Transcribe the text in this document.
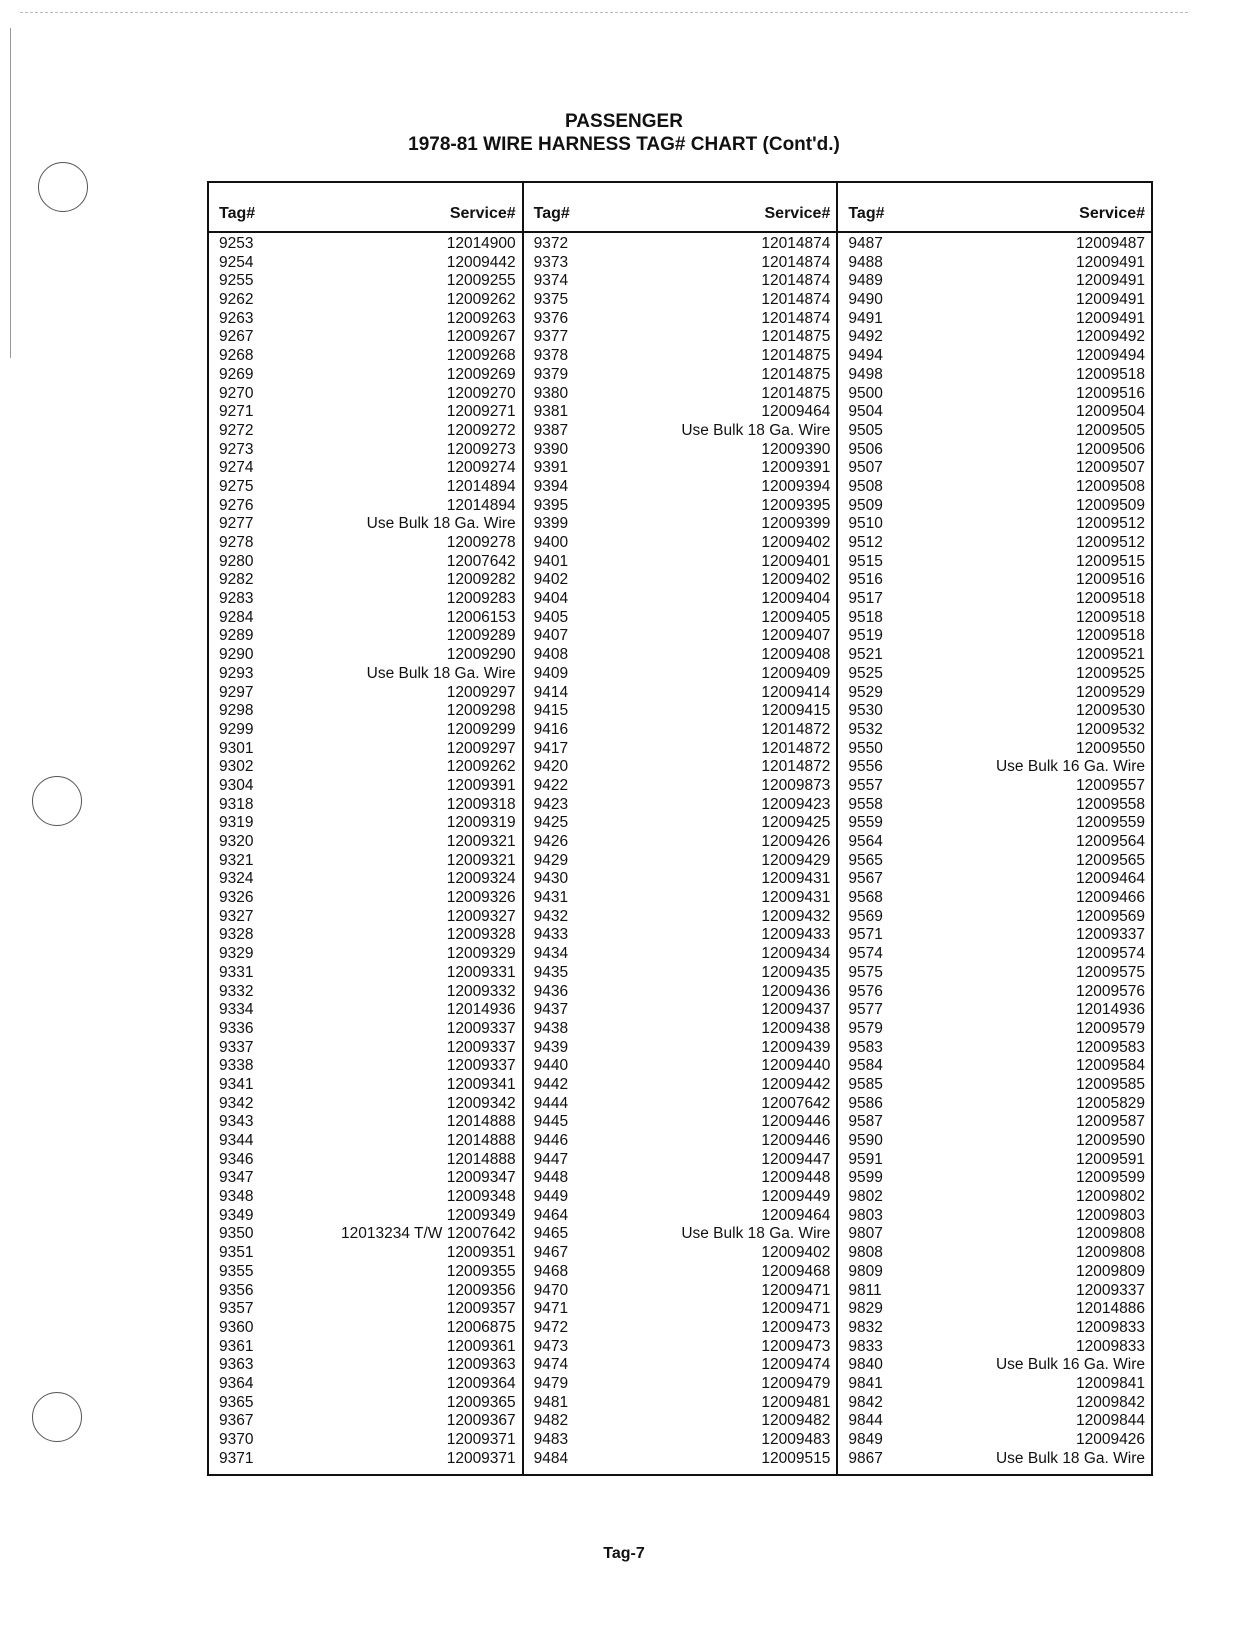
PASSENGER
1978-81 WIRE HARNESS TAG# CHART (Cont'd.)
Tag#	Service#
9253	12014900
9254	12009442
9255	12009255
9262	12009262
9263	12009263
9267	12009267
9268	12009268
9269	12009269
9270	12009270
9271	12009271
9272	12009272
9273	12009273
9274	12009274
9275	12014894
9276	12014894
9277	Use Bulk 18 Ga. Wire
9278	12009278
9280	12007642
9282	12009282
9283	12009283
9284	12006153
9289	12009289
9290	12009290
9293	Use Bulk 18 Ga. Wire
9297	12009297
9298	12009298
9299	12009299
9301	12009297
9302	12009262
9304	12009391
9318	12009318
9319	12009319
9320	12009321
9321	12009321
9324	12009324
9326	12009326
9327	12009327
9328	12009328
9329	12009329
9331	12009331
9332	12009332
9334	12014936
9336	12009337
9337	12009337
9338	12009337
9341	12009341
9342	12009342
9343	12014888
9344	12014888
9346	12014888
9347	12009347
9348	12009348
9349	12009349
9350	12013234 T/W 12007642
9351	12009351
9355	12009355
9356	12009356
9357	12009357
9360	12006875
9361	12009361
9363	12009363
9364	12009364
9365	12009365
9367	12009367
9370	12009371
9371	12009371
Tag#	Service#
9372	12014874
9373	12014874
9374	12014874
9375	12014874
9376	12014874
9377	12014875
9378	12014875
9379	12014875
9380	12014875
9381	12009464
9387	Use Bulk 18 Ga. Wire
9390	12009390
9391	12009391
9394	12009394
9395	12009395
9399	12009399
9400	12009402
9401	12009401
9402	12009402
9404	12009404
9405	12009405
9407	12009407
9408	12009408
9409	12009409
9414	12009414
9415	12009415
9416	12014872
9417	12014872
9420	12014872
9422	12009873
9423	12009423
9425	12009425
9426	12009426
9429	12009429
9430	12009431
9431	12009431
9432	12009432
9433	12009433
9434	12009434
9435	12009435
9436	12009436
9437	12009437
9438	12009438
9439	12009439
9440	12009440
9442	12009442
9444	12007642
9445	12009446
9446	12009446
9447	12009447
9448	12009448
9449	12009449
9464	12009464
9465	Use Bulk 18 Ga. Wire
9467	12009402
9468	12009468
9470	12009471
9471	12009471
9472	12009473
9473	12009473
9474	12009474
9479	12009479
9481	12009481
9482	12009482
9483	12009483
9484	12009515
Tag#	Service#
9487	12009487
9488	12009491
9489	12009491
9490	12009491
9491	12009491
9492	12009492
9494	12009494
9498	12009518
9500	12009516
9504	12009504
9505	12009505
9506	12009506
9507	12009507
9508	12009508
9509	12009509
9510	12009512
9512	12009512
9515	12009515
9516	12009516
9517	12009518
9518	12009518
9519	12009518
9521	12009521
9525	12009525
9529	12009529
9530	12009530
9532	12009532
9550	12009550
9556	Use Bulk 16 Ga. Wire
9557	12009557
9558	12009558
9559	12009559
9564	12009564
9565	12009565
9567	12009464
9568	12009466
9569	12009569
9571	12009337
9574	12009574
9575	12009575
9576	12009576
9577	12014936
9579	12009579
9583	12009583
9584	12009584
9585	12009585
9586	12005829
9587	12009587
9590	12009590
9591	12009591
9599	12009599
9802	12009802
9803	12009803
9807	12009808
9808	12009808
9809	12009809
9811	12009337
9829	12014886
9832	12009833
9833	12009833
9840	Use Bulk 16 Ga. Wire
9841	12009841
9842	12009842
9844	12009844
9849	12009426
9867	Use Bulk 18 Ga. Wire
Tag-7
